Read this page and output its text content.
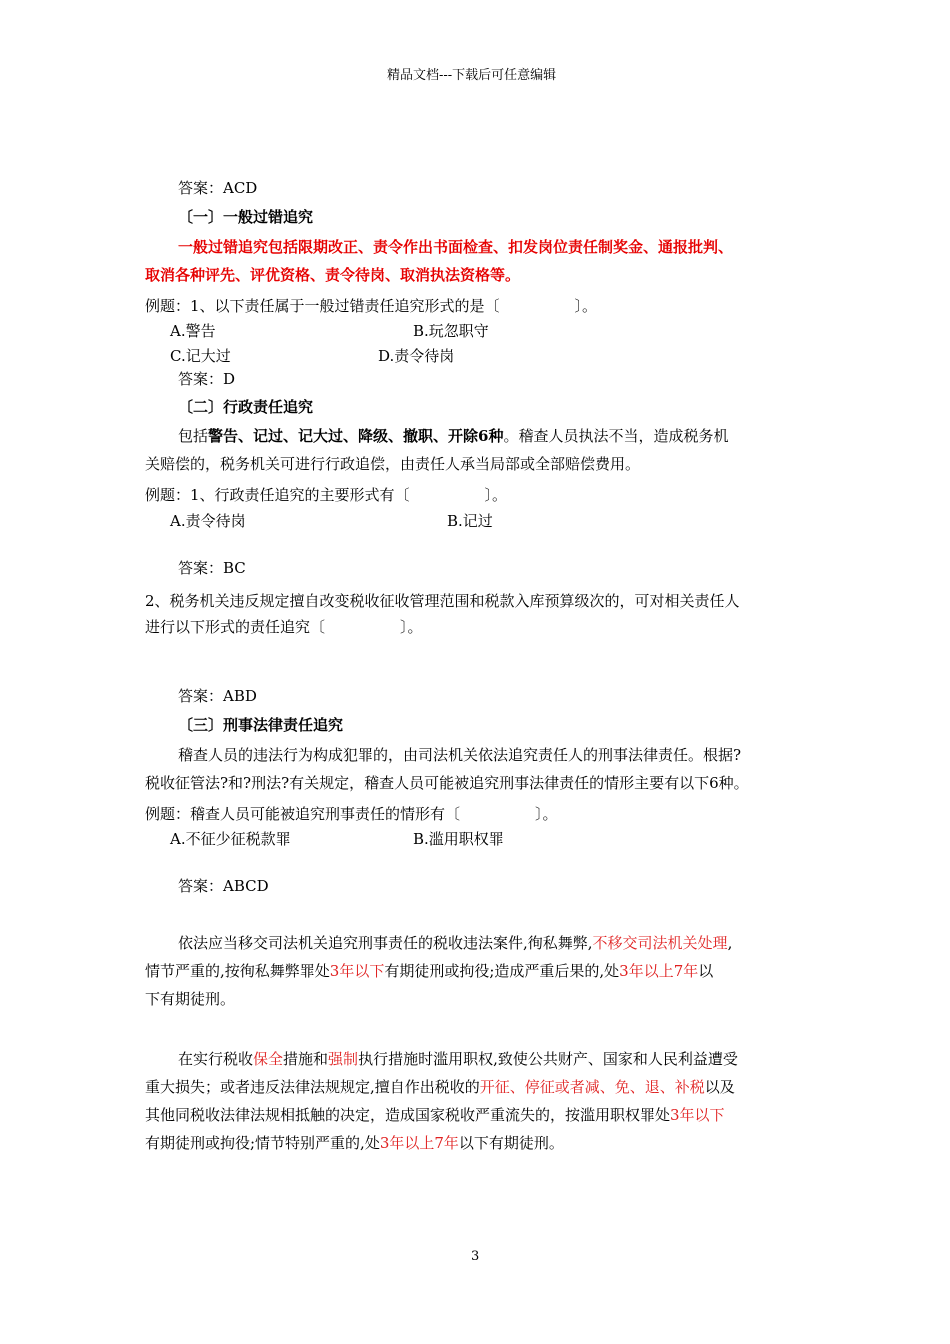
精品文档---下载后可任意编辑
答案：ACD
〔一〕一般过错追究
一般过错追究包括限期改正、责令作出书面检查、扣发岗位责任制奖金、通报批判、
取消各种评先、评优资格、责令待岗、取消执法资格等。
例题：1、以下责任属于一般过错责任追究形式的是〔　　　　　〕。
A.警告	B.玩忽职守
C.记大过	D.责令待岗
答案：D
〔二〕行政责任追究
包括警告、记过、记大过、降级、撤职、开除6种。稽查人员执法不当，造成税务机
关赔偿的，税务机关可进行行政追偿，由责任人承当局部或全部赔偿费用。
例题：1、行政责任追究的主要形式有〔　　　　　〕。
A.责令待岗	B.记过
答案：BC
2、税务机关违反规定擅自改变税收征收管理范围和税款入库预算级次的，可对相关责任人
进行以下形式的责任追究〔　　　　　〕。
答案：ABD
〔三〕刑事法律责任追究
稽查人员的违法行为构成犯罪的，由司法机关依法追究责任人的刑事法律责任。根据?
税收征管法?和?刑法?有关规定，稽查人员可能被追究刑事法律责任的情形主要有以下6种。
例题：稽查人员可能被追究刑事责任的情形有〔　　　　　〕。
A.不征少征税款罪	B.滥用职权罪
答案：ABCD
依法应当移交司法机关追究刑事责任的税收违法案件,徇私舞弊,不移交司法机关处理,
情节严重的,按徇私舞弊罪处3年以下有期徒刑或拘役;造成严重后果的,处3年以上7年以
下有期徒刑。
在实行税收保全措施和强制执行措施时滥用职权,致使公共财产、国家和人民利益遭受
重大损失；或者违反法律法规规定,擅自作出税收的开征、停征或者减、免、退、补税以及
其他同税收法律法规相抵触的决定，造成国家税收严重流失的，按滥用职权罪处3年以下
有期徒刑或拘役;情节特别严重的,处3年以上7年以下有期徒刑。
3
